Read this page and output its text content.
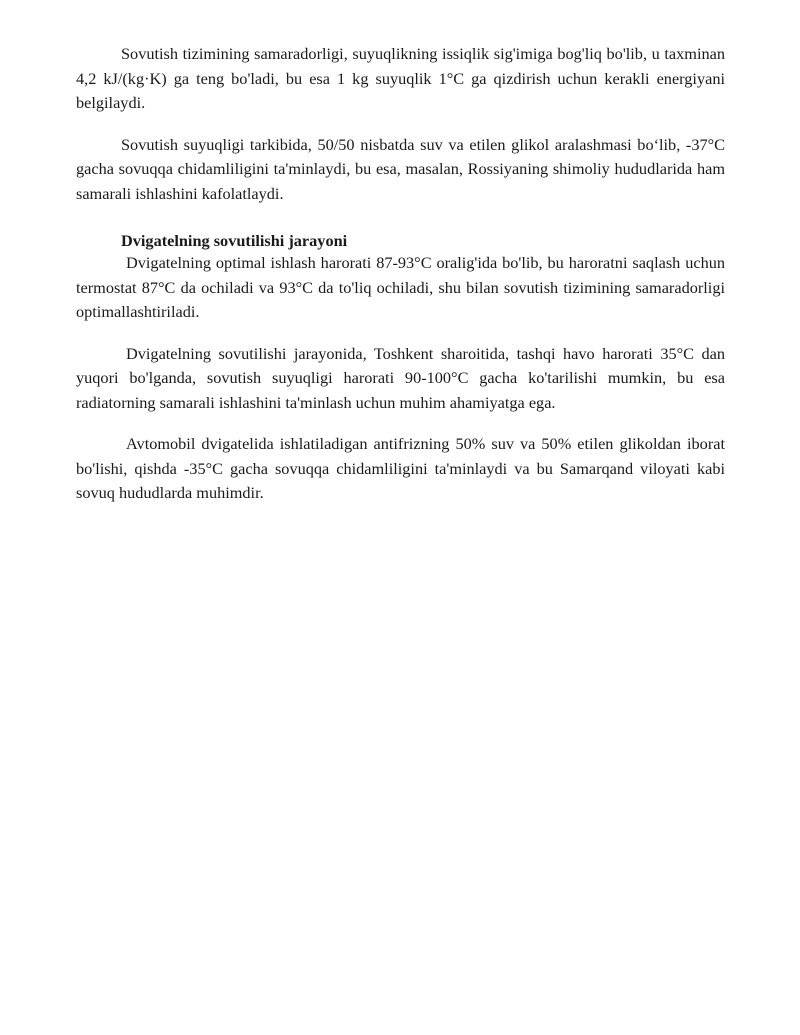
Sovutish tizimining samaradorligi, suyuqlikning issiqlik sig'imiga bog'liq bo'lib, u taxminan 4,2 kJ/(kg·K) ga teng bo'ladi, bu esa 1 kg suyuqlik 1°C ga qizdirish uchun kerakli energiyani belgilaydi.

Sovutish suyuqligi tarkibida, 50/50 nisbatda suv va etilen glikol aralashmasi bo‘lib, -37°C gacha sovuqqa chidamliligini ta'minlaydi, bu esa, masalan, Rossiyaning shimoliy hududlarida ham samarali ishlashini kafolatlaydi.

Dvigatelning sovutilishi jarayoni

Dvigatelning optimal ishlash harorati 87-93°C oralig'ida bo'lib, bu haroratni saqlash uchun termostat 87°C da ochiladi va 93°C da to'liq ochiladi, shu bilan sovutish tizimining samaradorligi optimallashtiriladi.

Dvigatelning sovutilishi jarayonida, Toshkent sharoitida, tashqi havo harorati 35°C dan yuqori bo'lganda, sovutish suyuqligi harorati 90-100°C gacha ko'tarilishi mumkin, bu esa radiatorning samarali ishlashini ta'minlash uchun muhim ahamiyatga ega.

Avtomobil dvigatelida ishlatiladigan antifrizning 50% suv va 50% etilen glikoldan iborat bo'lishi, qishda -35°C gacha sovuqqa chidamliligini ta'minlaydi va bu Samarqand viloyati kabi sovuq hududlarda muhimdir.
